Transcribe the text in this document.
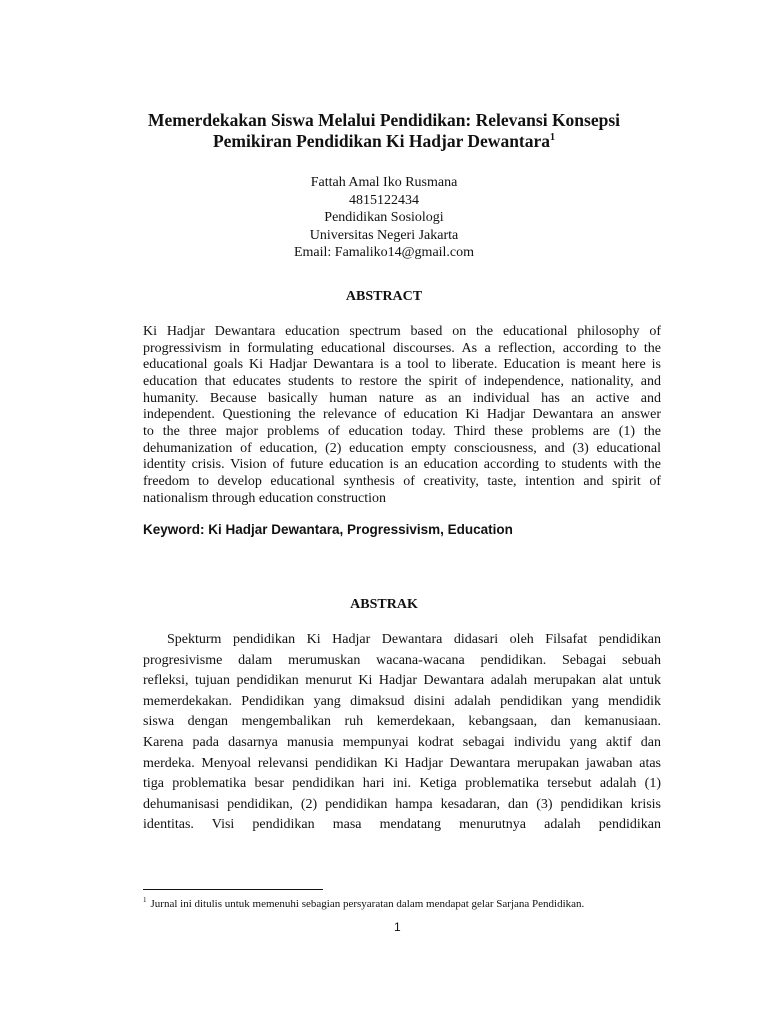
Memerdekakan Siswa Melalui Pendidikan: Relevansi Konsepsi
Pemikiran Pendidikan Ki Hadjar Dewantara$^1$
Fattah Amal Iko Rusmana
4815122434
Pendidikan Sosiologi
Universitas Negeri Jakarta
Email: Famaliko14@gmail.com
ABSTRACT
Ki Hadjar Dewantara education spectrum based on the educational philosophy of
progressivism in formulating educational discourses. As a reflection, according to the
educational goals Ki Hadjar Dewantara is a tool to liberate. Education is meant here is
education that educates students to restore the spirit of independence, nationality, and
humanity. Because basically human nature as an individual has an active and
independent. Questioning the relevance of education Ki Hadjar Dewantara an answer
to the three major problems of education today. Third these problems are (1) the
dehumanization of education, (2) education empty consciousness, and (3) educational
identity crisis. Vision of future education is an education according to students with the
freedom to develop educational synthesis of creativity, taste, intention and spirit of
nationalism through education construction
Keyword: Ki Hadjar Dewantara, Progressivism, Education
ABSTRAK
Spekturm pendidikan Ki Hadjar Dewantara didasari oleh Filsafat pendidikan
progresivisme dalam merumuskan wacana-wacana pendidikan. Sebagai sebuah
refleksi, tujuan pendidikan menurut Ki Hadjar Dewantara adalah merupakan alat untuk
memerdekakan. Pendidikan yang dimaksud disini adalah pendidikan yang mendidik
siswa dengan mengembalikan ruh kemerdekaan, kebangsaan, dan kemanusiaan.
Karena pada dasarnya manusia mempunyai kodrat sebagai individu yang aktif dan
merdeka. Menyoal relevansi pendidikan Ki Hadjar Dewantara merupakan jawaban atas
tiga problematika besar pendidikan hari ini. Ketiga problematika tersebut adalah (1)
dehumanisasi pendidikan, (2) pendidikan hampa kesadaran, dan (3) pendidikan krisis
identitas. Visi pendidikan masa mendatang menurutnya adalah pendidikan
$^1$ Jurnal ini ditulis untuk memenuhi sebagian persyaratan dalam mendapat gelar Sarjana Pendidikan.
1
